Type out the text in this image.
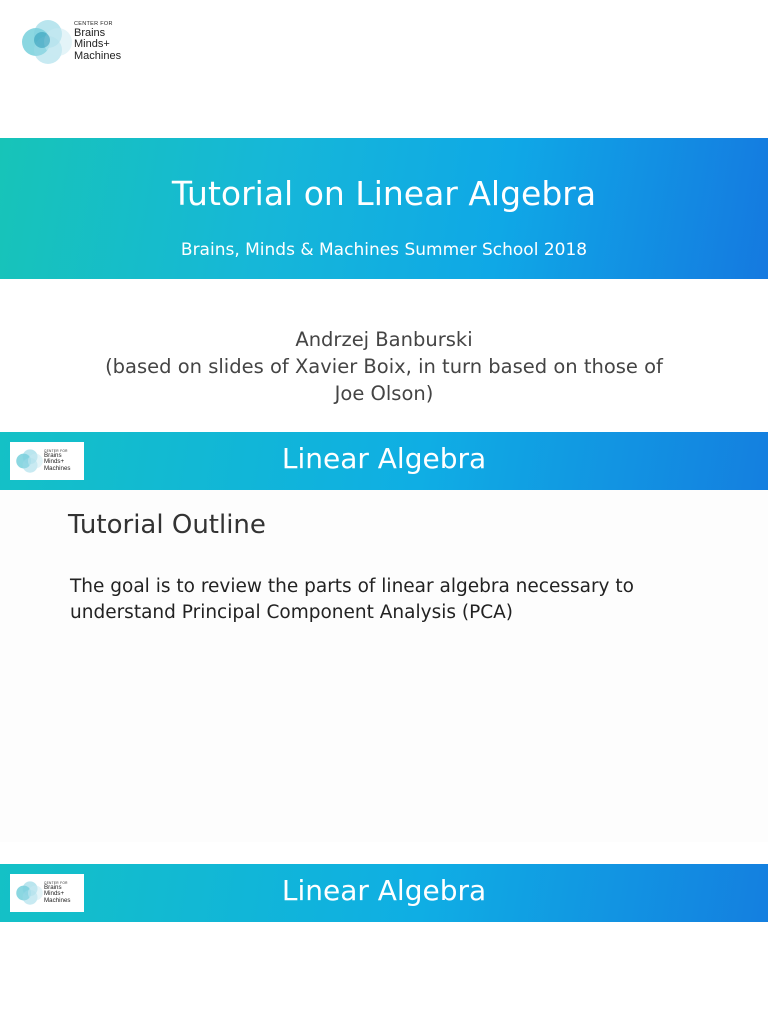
CENTER FOR
Brains
Minds+
Machines
Tutorial on Linear Algebra
Brains, Minds & Machines Summer School 2018
Andrzej Banburski
(based on slides of Xavier Boix, in turn based on those of Joe Olson)
CENTER FOR
Brains
Minds+
Machines	Linear Algebra
Tutorial Outline
The goal is to review the parts of linear algebra necessary to understand Principal Component Analysis (PCA)
CENTER FOR
Brains
Minds+
Machines	Linear Algebra
